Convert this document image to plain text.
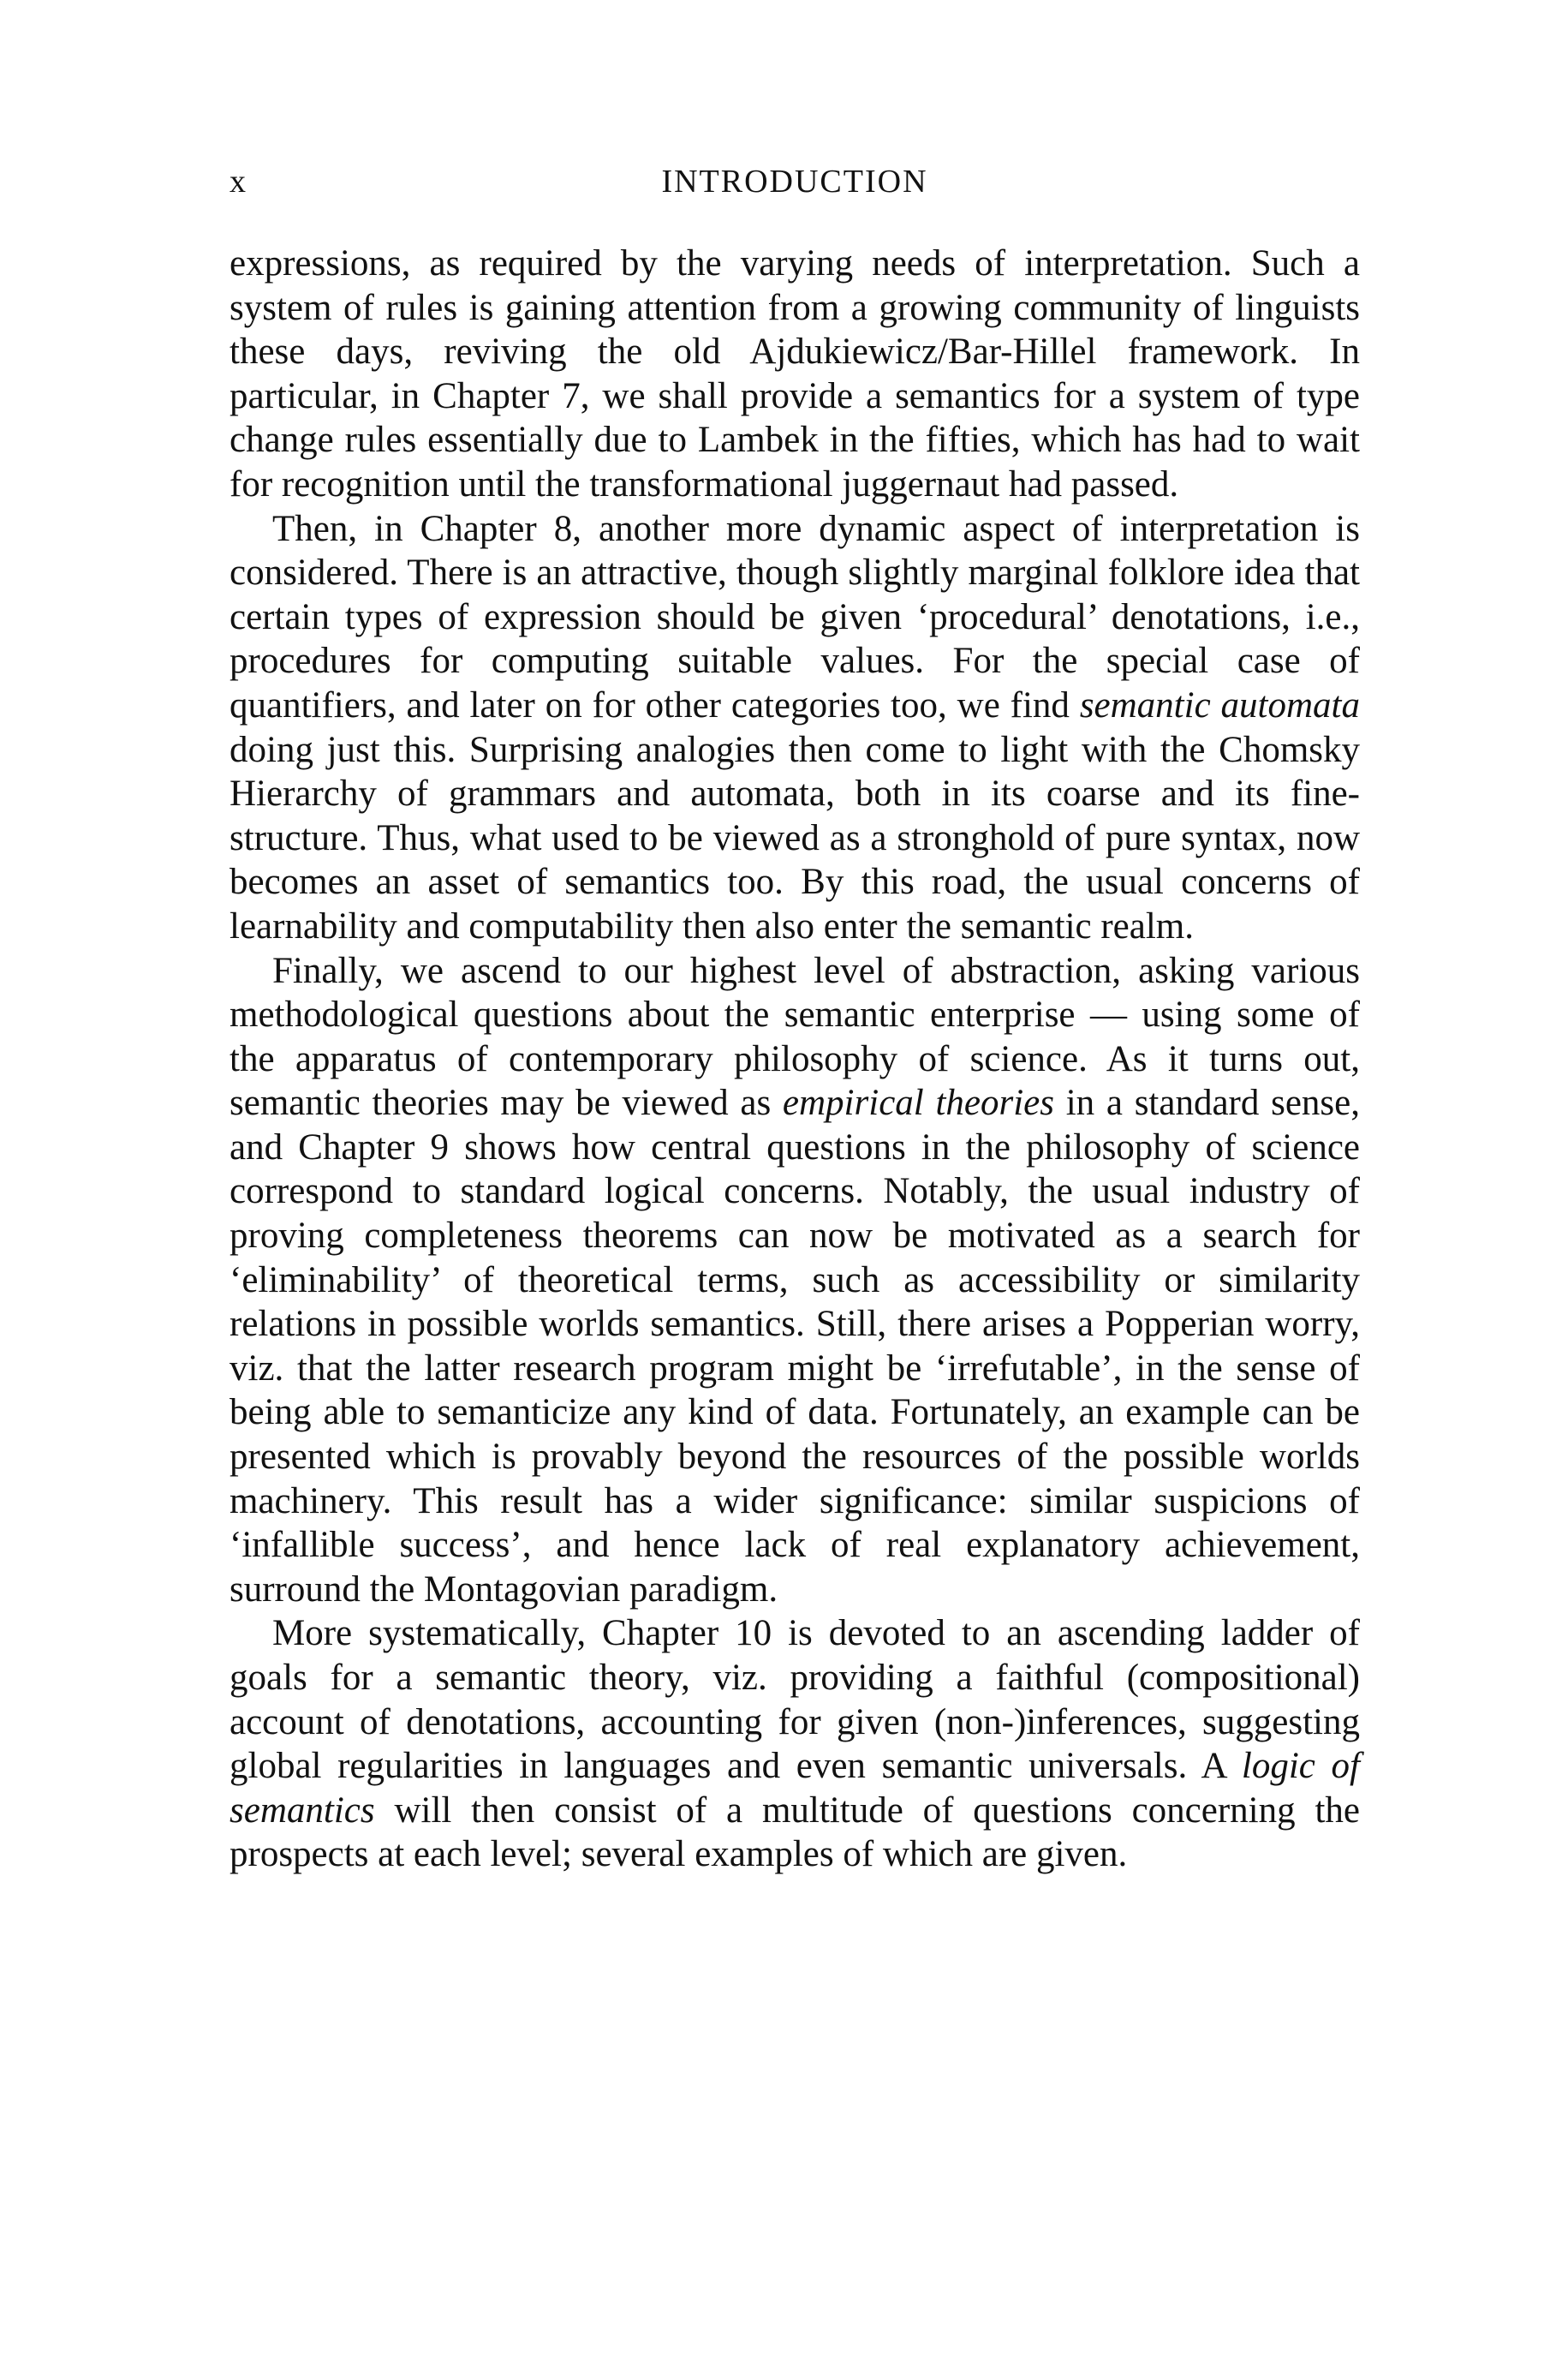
x	INTRODUCTION

expressions, as required by the varying needs of interpretation. Such a system of rules is gaining attention from a growing community of linguists these days, reviving the old Ajdukiewicz/Bar-Hillel framework. In particular, in Chapter 7, we shall provide a semantics for a system of type change rules essentially due to Lambek in the fifties, which has had to wait for recognition until the transformational juggernaut had passed.

Then, in Chapter 8, another more dynamic aspect of interpretation is considered. There is an attractive, though slightly marginal folklore idea that certain types of expression should be given ‘procedural’ denotations, i.e., procedures for computing suitable values. For the special case of quantifiers, and later on for other categories too, we find semantic automata doing just this. Surprising analogies then come to light with the Chomsky Hierarchy of grammars and automata, both in its coarse and its fine-structure. Thus, what used to be viewed as a stronghold of pure syntax, now becomes an asset of semantics too. By this road, the usual concerns of learnability and computability then also enter the semantic realm.

Finally, we ascend to our highest level of abstraction, asking various methodological questions about the semantic enterprise — using some of the apparatus of contemporary philosophy of science. As it turns out, semantic theories may be viewed as empirical theories in a standard sense, and Chapter 9 shows how central questions in the philosophy of science correspond to standard logical concerns. Notably, the usual industry of proving completeness theorems can now be motivated as a search for ‘eliminability’ of theoretical terms, such as accessibility or similarity relations in possible worlds semantics. Still, there arises a Popperian worry, viz. that the latter research program might be ‘irrefutable’, in the sense of being able to semanticize any kind of data. Fortunately, an example can be presented which is provably beyond the resources of the possible worlds machinery. This result has a wider significance: similar suspicions of ‘infallible success’, and hence lack of real explanatory achievement, surround the Montagovian paradigm.

More systematically, Chapter 10 is devoted to an ascending ladder of goals for a semantic theory, viz. providing a faithful (compositional) account of denotations, accounting for given (non-)inferences, suggesting global regularities in languages and even semantic universals. A logic of semantics will then consist of a multitude of questions concerning the prospects at each level; several examples of which are given.
